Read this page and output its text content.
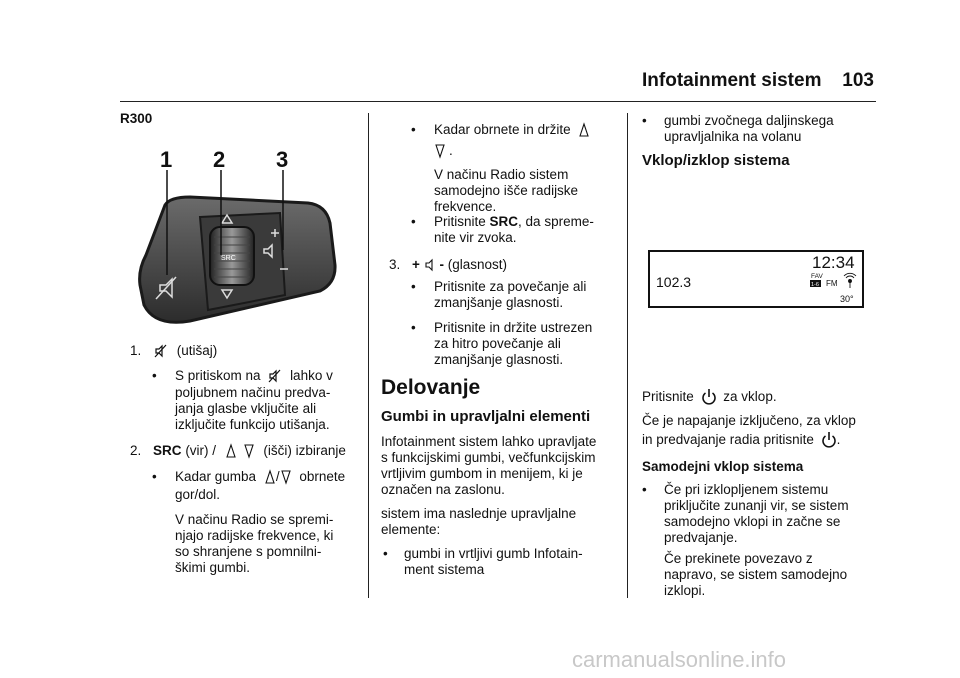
Infotainment sistem 103
R300
SRC
1 2 3
1.	(utišaj)
• S pritiskom na lahko v
poljubnem načinu predva-
janja glasbe vključite ali
izključite funkcijo utišanja.
2. SRC (vir) /	(išči) izbiranje
• Kadar gumba / obrnete
gor/dol.
V načinu Radio se spremi-
njajo radijske frekvence, ki
so shranjene s pomnilni-
škimi gumbi.
• Kadar obrnete in držite
.
V načinu Radio sistem
samodejno išče radijske
frekvence.
• Pritisnite SRC, da spreme-
nite vir zvoka.
3. + - (glasnost)
• Pritisnite za povečanje ali
zmanjšanje glasnosti.
• Pritisnite in držite ustrezen
za hitro povečanje ali
zmanjšanje glasnosti.
Delovanje
Gumbi in upravljalni elementi
Infotainment sistem lahko upravljate
s funkcijskimi gumbi, večfunkcijskim
vrtljivim gumbom in menijem, ki je
označen na zaslonu.
sistem ima naslednje upravljalne
elemente:
• gumbi in vrtljivi gumb Infotain-
ment sistema
• gumbi zvočnega daljinskega
upravljalnika na volanu
Vklop/izklop sistema
12:34
102.3	FAV
1-6 FM
30°
Pritisnite za vklop.
Če je napajanje izključeno, za vklop
in predvajanje radia pritisnite .
Samodejni vklop sistema
• Če pri izklopljenem sistemu
priključite zunanji vir, se sistem
samodejno vklopi in začne se
predvajanje.
Če prekinete povezavo z
napravo, se sistem samodejno
izklopi.
carmanualsonline.info
